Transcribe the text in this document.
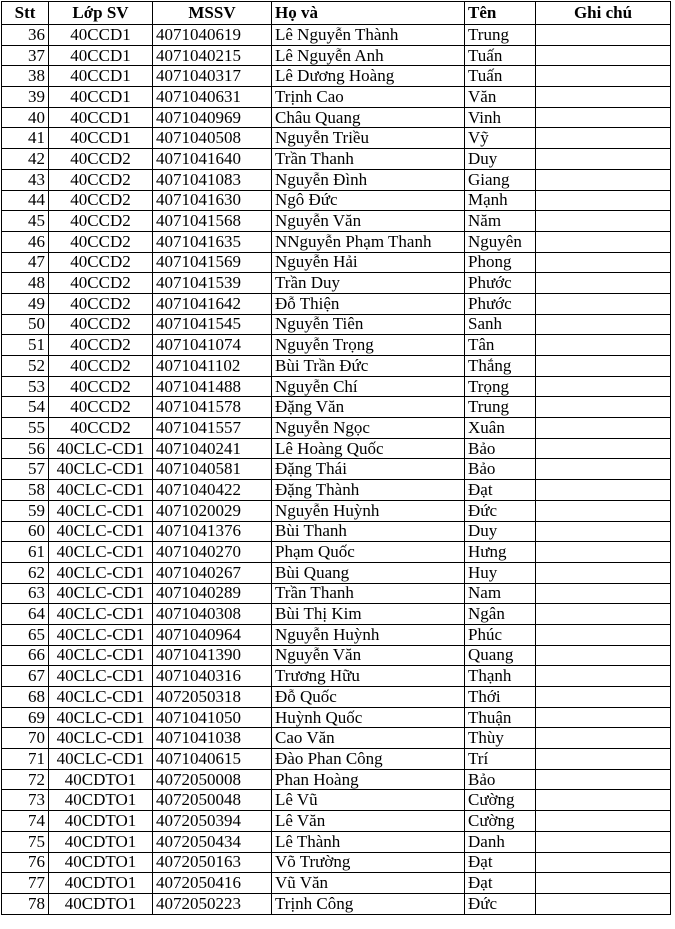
Stt	Lớp SV	MSSV	Họ và	Tên	Ghi chú
36	40CCD1	4071040619	Lê Nguyễn Thành	Trung	
37	40CCD1	4071040215	Lê Nguyễn Anh	Tuấn	
38	40CCD1	4071040317	Lê Dương Hoàng	Tuấn	
39	40CCD1	4071040631	Trịnh Cao	Văn	
40	40CCD1	4071040969	Châu Quang	Vinh	
41	40CCD1	4071040508	Nguyễn Triều	Vỹ	
42	40CCD2	4071041640	Trần Thanh	Duy	
43	40CCD2	4071041083	Nguyễn Đình	Giang	
44	40CCD2	4071041630	Ngô Đức	Mạnh	
45	40CCD2	4071041568	Nguyễn Văn	Năm	
46	40CCD2	4071041635	NNguyễn Phạm Thanh	Nguyên	
47	40CCD2	4071041569	Nguyễn Hải	Phong	
48	40CCD2	4071041539	Trần Duy	Phước	
49	40CCD2	4071041642	Đỗ Thiện	Phước	
50	40CCD2	4071041545	Nguyễn Tiên	Sanh	
51	40CCD2	4071041074	Nguyễn Trọng	Tân	
52	40CCD2	4071041102	Bùi Trần Đức	Thắng	
53	40CCD2	4071041488	Nguyễn Chí	Trọng	
54	40CCD2	4071041578	Đặng Văn	Trung	
55	40CCD2	4071041557	Nguyễn Ngọc	Xuân	
56	40CLC-CD1	4071040241	Lê Hoàng Quốc	Bảo	
57	40CLC-CD1	4071040581	Đặng Thái	Bảo	
58	40CLC-CD1	4071040422	Đặng Thành	Đạt	
59	40CLC-CD1	4071020029	Nguyễn Huỳnh	Đức	
60	40CLC-CD1	4071041376	Bùi Thanh	Duy	
61	40CLC-CD1	4071040270	Phạm Quốc	Hưng	
62	40CLC-CD1	4071040267	Bùi Quang	Huy	
63	40CLC-CD1	4071040289	Trần Thanh	Nam	
64	40CLC-CD1	4071040308	Bùi Thị Kim	Ngân	
65	40CLC-CD1	4071040964	Nguyễn Huỳnh	Phúc	
66	40CLC-CD1	4071041390	Nguyễn Văn	Quang	
67	40CLC-CD1	4071040316	Trương Hữu	Thạnh	
68	40CLC-CD1	4072050318	Đỗ Quốc	Thới	
69	40CLC-CD1	4071041050	Huỳnh Quốc	Thuận	
70	40CLC-CD1	4071041038	Cao Văn	Thùy	
71	40CLC-CD1	4071040615	Đào Phan Công	Trí	
72	40CDTO1	4072050008	Phan Hoàng	Bảo	
73	40CDTO1	4072050048	Lê Vũ	Cường	
74	40CDTO1	4072050394	Lê Văn	Cường	
75	40CDTO1	4072050434	Lê Thành	Danh	
76	40CDTO1	4072050163	Võ Trường	Đạt	
77	40CDTO1	4072050416	Vũ Văn	Đạt	
78	40CDTO1	4072050223	Trịnh Công	Đức	
